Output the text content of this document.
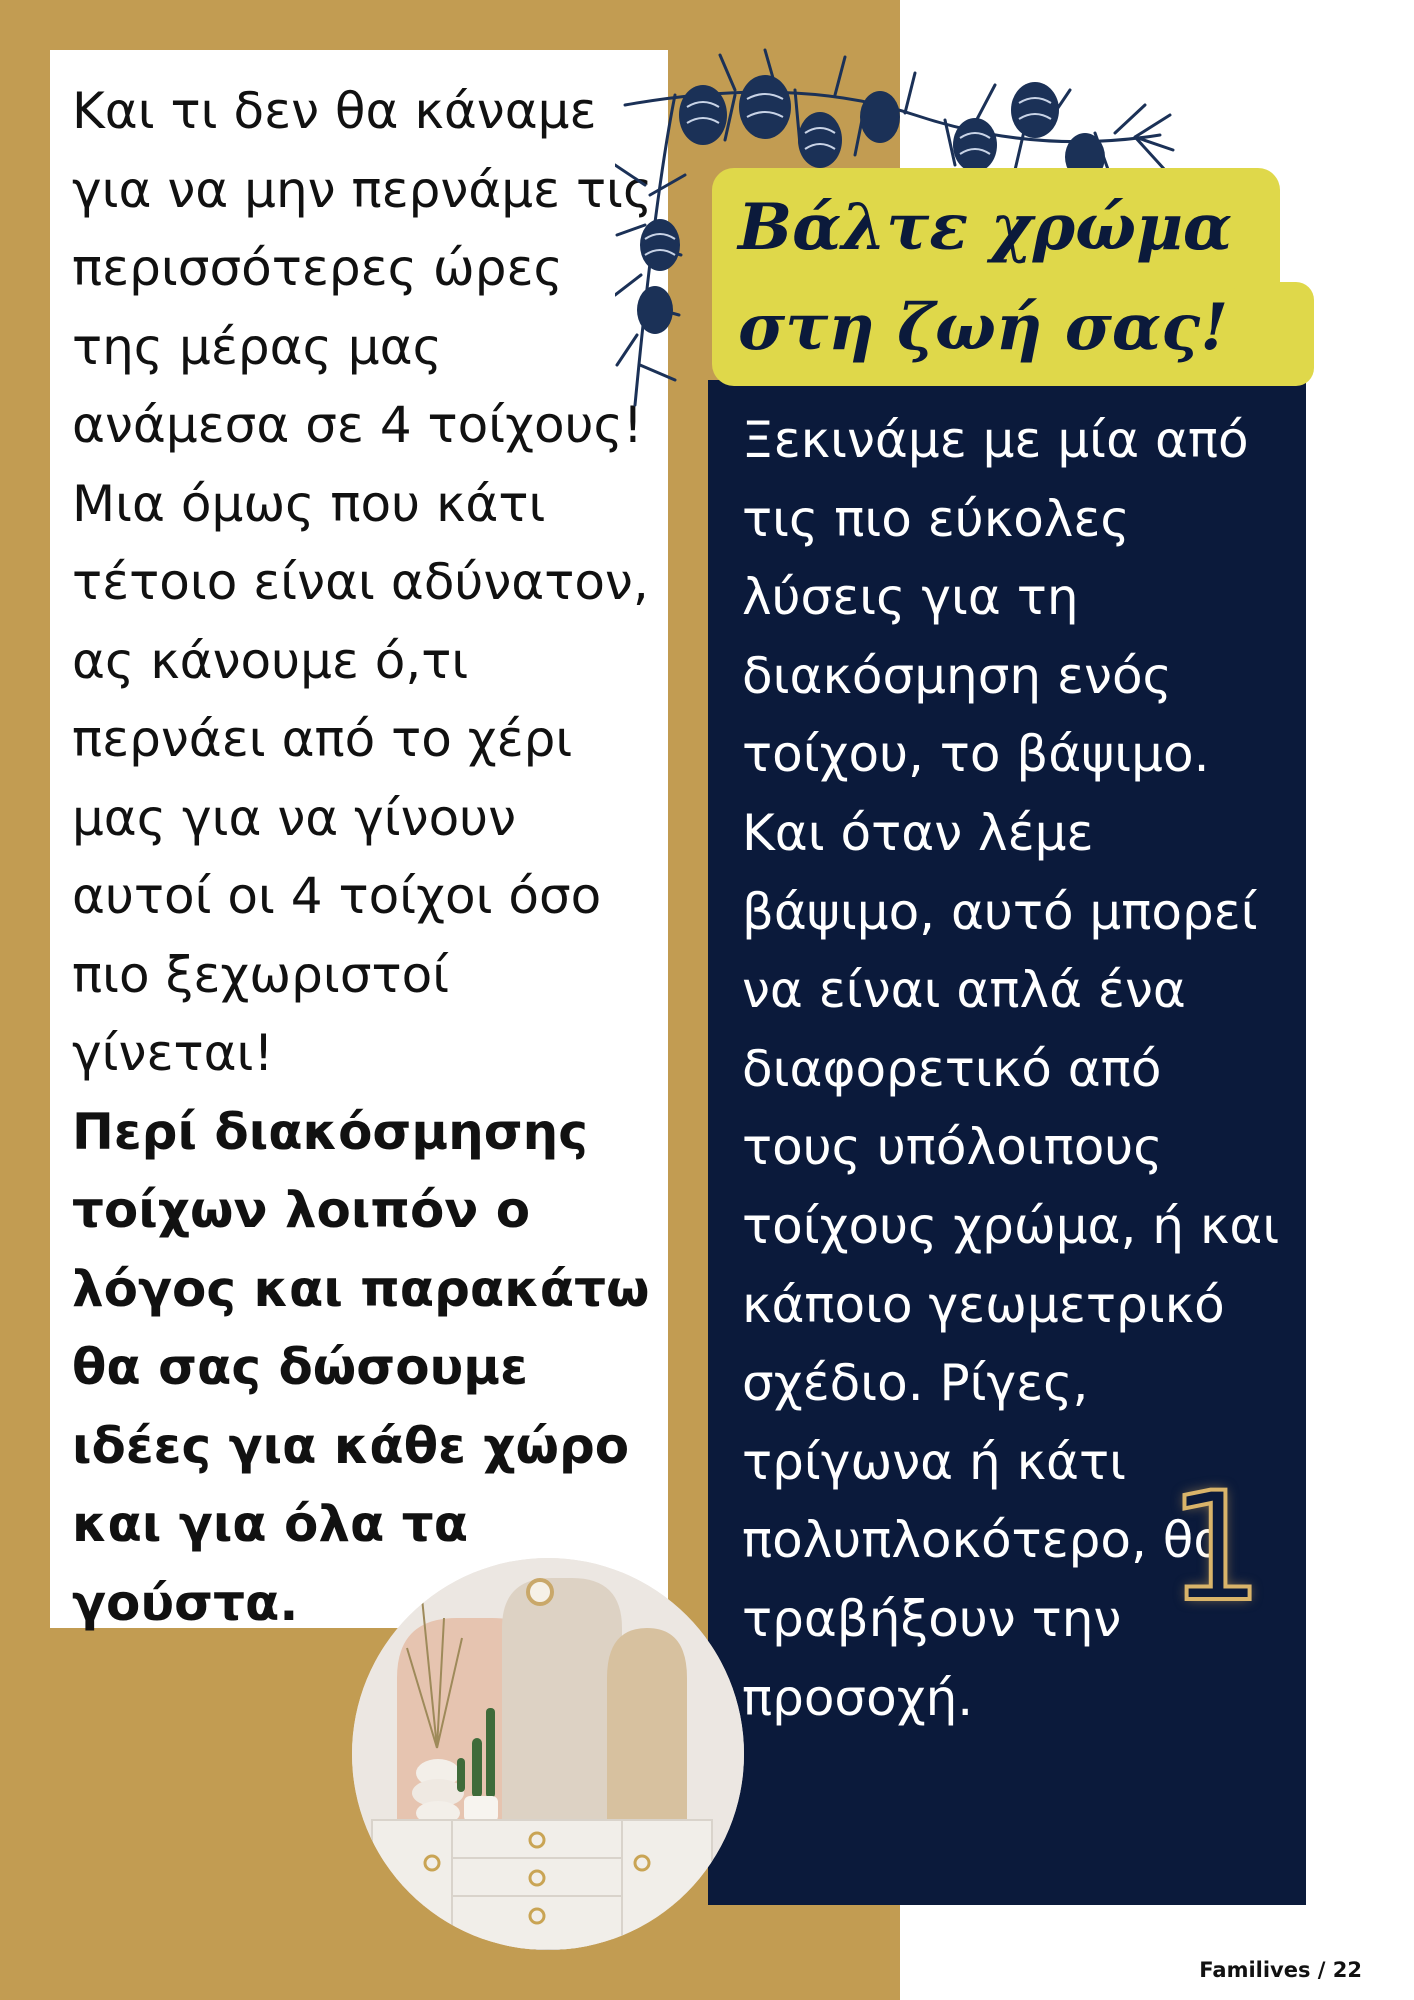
Και τι δεν θα κάναμε για να μην περνάμε τις περισσότερες ώρες της μέρας μας ανάμεσα σε 4 τοίχους! Μια όμως που κάτι τέτοιο είναι αδύνατον, ας κάνουμε ό,τι περνάει από το χέρι μας για να γίνουν αυτοί οι 4 τοίχοι όσο πιο ξεχωριστοί γίνεται!

Περί διακόσμησης τοίχων λοιπόν ο λόγος και παρακάτω θα σας δώσουμε ιδέες για κάθε χώρο και για όλα τα γούστα.

Βάλτε χρώμα στη ζωή σας!

Ξεκινάμε με μία από τις πιο εύκολες λύσεις για τη διακόσμηση ενός τοίχου, το βάψιμο. Και όταν λέμε βάψιμο, αυτό μπορεί να είναι απλά ένα διαφορετικό από τους υπόλοιπους τοίχους χρώμα, ή και κάποιο γεωμετρικό σχέδιο. Ρίγες, τρίγωνα ή κάτι πολυπλοκότερο, θα τραβήξουν την προσοχή.

1
Familives / 22
